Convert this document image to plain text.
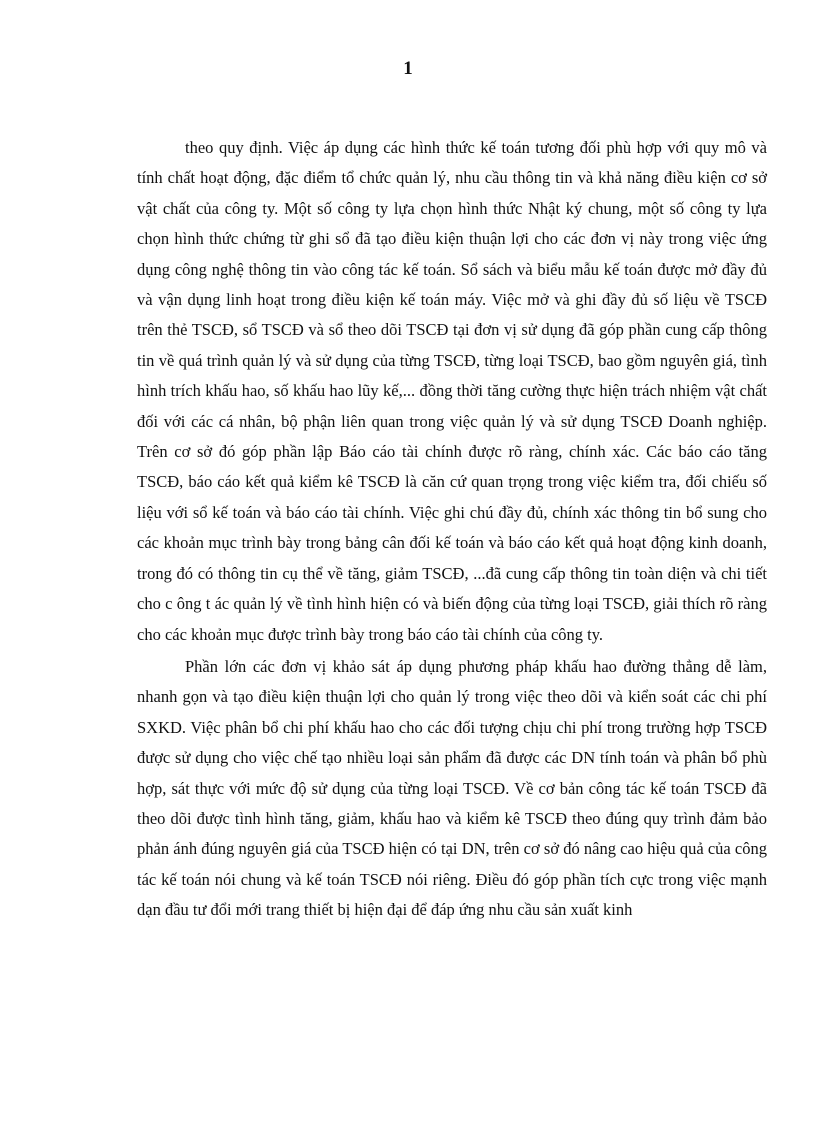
1

theo quy định. Việc áp dụng các hình thức kế toán tương đối phù hợp với quy mô và tính chất hoạt động, đặc điểm tổ chức quản lý, nhu cầu thông tin và khả năng điều kiện cơ sở vật chất của công ty. Một số công ty lựa chọn hình thức Nhật ký chung, một số công ty lựa chọn hình thức chứng từ ghi sổ đã tạo điều kiện thuận lợi cho các đơn vị này trong việc ứng dụng công nghệ thông tin vào công tác kế toán. Sổ sách và biểu mẫu kế toán được mở đầy đủ và vận dụng linh hoạt trong điều kiện kế toán máy. Việc mở và ghi đầy đủ số liệu về TSCĐ trên thẻ TSCĐ, sổ TSCĐ và sổ theo dõi TSCĐ tại đơn vị sử dụng đã góp phần cung cấp thông tin về quá trình quản lý và sử dụng của từng TSCĐ, từng loại TSCĐ, bao gồm nguyên giá, tình hình trích khấu hao, số khấu hao lũy kế,... đồng thời tăng cường thực hiện trách nhiệm vật chất đối với các cá nhân, bộ phận liên quan trong việc quản lý và sử dụng TSCĐ Doanh nghiệp. Trên cơ sở đó góp phần lập Báo cáo tài chính được rõ ràng, chính xác. Các báo cáo tăng TSCĐ, báo cáo kết quả kiểm kê TSCĐ là căn cứ quan trọng trong việc kiểm tra, đối chiếu số liệu với sổ kế toán và báo cáo tài chính. Việc ghi chú đầy đủ, chính xác thông tin bổ sung cho các khoản mục trình bày trong bảng cân đối kế toán và báo cáo kết quả hoạt động kinh doanh, trong đó có thông tin cụ thể về tăng, giảm TSCĐ, ...đã cung cấp thông tin toàn diện và chi tiết cho c ông t ác quản lý về tình hình hiện có và biến động của từng loại TSCĐ, giải thích rõ ràng cho các khoản mục được trình bày trong báo cáo tài chính của công ty.

Phần lớn các đơn vị khảo sát áp dụng phương pháp khấu hao đường thẳng dễ làm, nhanh gọn và tạo điều kiện thuận lợi cho quản lý trong việc theo dõi và kiển soát các chi phí SXKD. Việc phân bổ chi phí khấu hao cho các đối tượng chịu chi phí trong trường hợp TSCĐ được sử dụng cho việc chế tạo nhiều loại sản phẩm đã được các DN tính toán và phân bổ phù hợp, sát thực với mức độ sử dụng của từng loại TSCĐ. Về cơ bản công tác kế toán TSCĐ đã theo dõi được tình hình tăng, giảm, khấu hao và kiểm kê TSCĐ theo đúng quy trình đảm bảo phản ánh đúng nguyên giá của TSCĐ hiện có tại DN, trên cơ sở đó nâng cao hiệu quả của công tác kế toán nói chung và kế toán TSCĐ nói riêng. Điều đó góp phần tích cực trong việc mạnh dạn đầu tư đổi mới trang thiết bị hiện đại để đáp ứng nhu cầu sản xuất kinh
